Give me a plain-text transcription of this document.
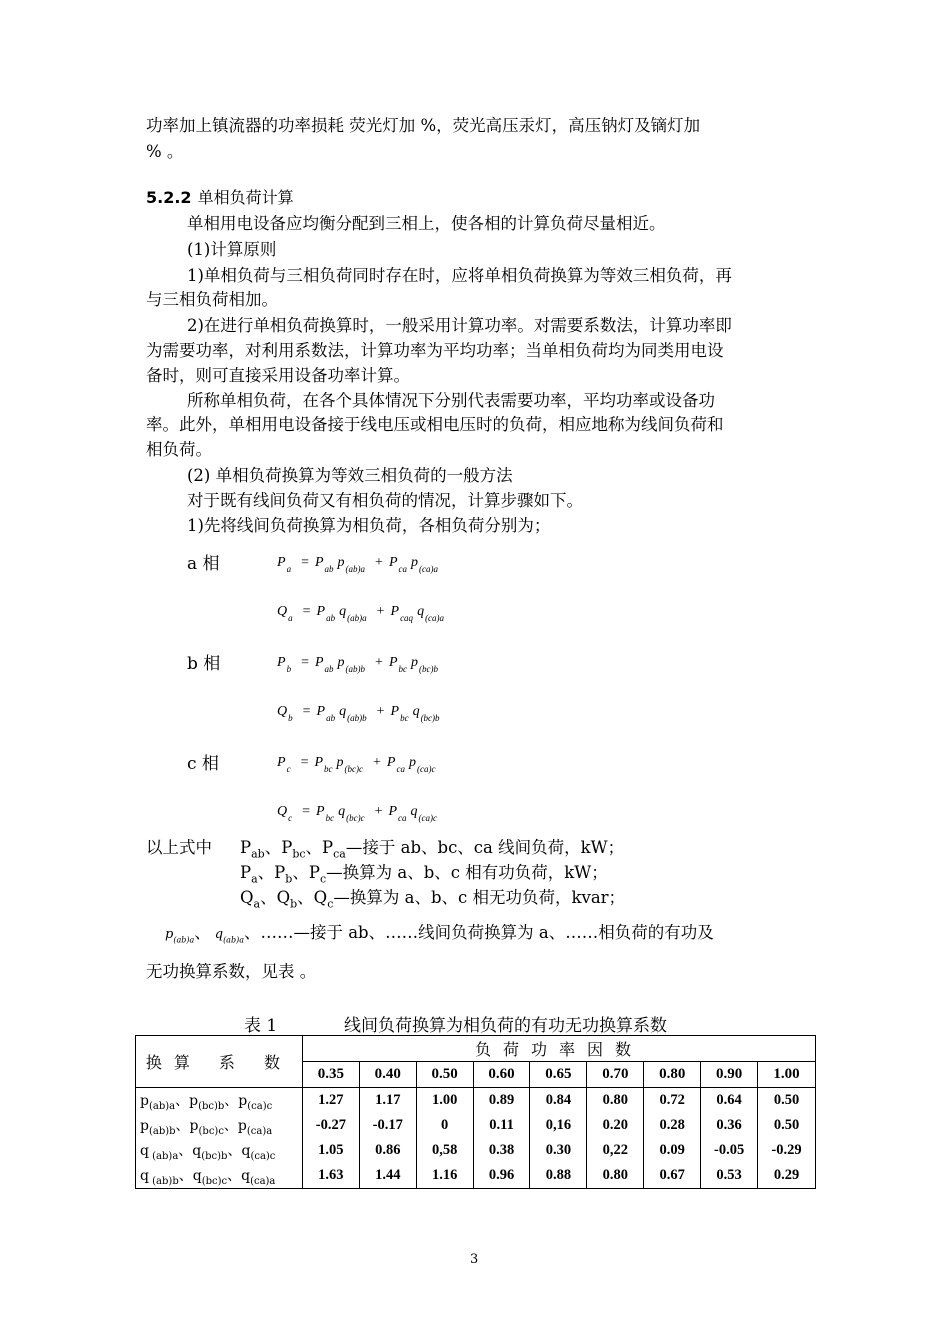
功率加上镇流器的功率损耗 荧光灯加 %，荧光高压汞灯，高压钠灯及镝灯加
% 。
5.2.2 单相负荷计算
单相用电设备应均衡分配到三相上，使各相的计算负荷尽量相近。
(1)计算原则
1)单相负荷与三相负荷同时存在时，应将单相负荷换算为等效三相负荷，再
与三相负荷相加。
2)在进行单相负荷换算时，一般采用计算功率。对需要系数法，计算功率即
为需要功率，对利用系数法，计算功率为平均功率；当单相负荷均为同类用电设
备时，则可直接采用设备功率计算。
所称单相负荷，在各个具体情况下分别代表需要功率，平均功率或设备功
率。此外，单相用电设备接于线电压或相电压时的负荷，相应地称为线间负荷和
相负荷。
(2) 单相负荷换算为等效三相负荷的一般方法
对于既有线间负荷又有相负荷的情况，计算步骤如下。
1)先将线间负荷换算为相负荷，各相负荷分别为；
a 相
b 相
c 相
$P_a = P_{ab}$ $p_{(ab)a} + P_{ca}$ $p_{(ca)a}$
$Q_a = P_{ab}$ $q_{(ab)a} + P_{caq}$ $q_{(ca)a}$
$P_b = P_{ab}$ $p_{(ab)b} + P_{bc}$ $p_{(bc)b}$
$Q_b = P_{ab}$ $q_{(ab)b} + P_{bc}$ $q_{(bc)b}$
$P_c = P_{bc}$ $p_{(bc)c} + P_{ca}$ $p_{(ca)c}$
$Q_c = P_{bc}$ $q_{(bc)c} + P_{ca}$ $q_{(ca)c}$
以上式中 $P_{ab}$、$P_{bc}$、$P_{ca}—$接于 ab、bc、ca 线间负荷，kW；
$P_a$、$P_b$、$P_c—$换算为 a、b、c 相有功负荷，kW；
$Q_a$、$Q_b$、$Q_c—$换算为 a、b、c 相无功负荷，kvar；
$p_{(ab)a}$、 $q_{(ab)a}$、……—接于 ab、……线间负荷换算为 a、……相负荷的有功及
无功换算系数，见表 。
表 1	线间负荷换算为相负荷的有功无功换算系数
换算 系 数	负荷功率因数								
	0.35	0.40	0.50	0.60	0.65	0.70	0.80	0.90	1.00
$p_{(ab)a}$、$p_{(bc)b}$、$p_{(ca)c}$	1.27	1.17	1.00	0.89	0.84	0.80	0.72	0.64	0.50
$p_{(ab)b}$、$p_{(bc)c}$、$p_{(ca)a}$	-0.27	-0.17	0	0.11	0,16	0.20	0.28	0.36	0.50
q $_{(ab)a}$、$q_{(bc)b}$、$q_{(ca)c}$	1.05	0.86	0,58	0.38	0.30	0,22	0.09	-0.05	-0.29
q $_{(ab)b}$、$q_{(bc)c}$、$q_{(ca)a}$	1.63	1.44	1.16	0.96	0.88	0.80	0.67	0.53	0.29
3
